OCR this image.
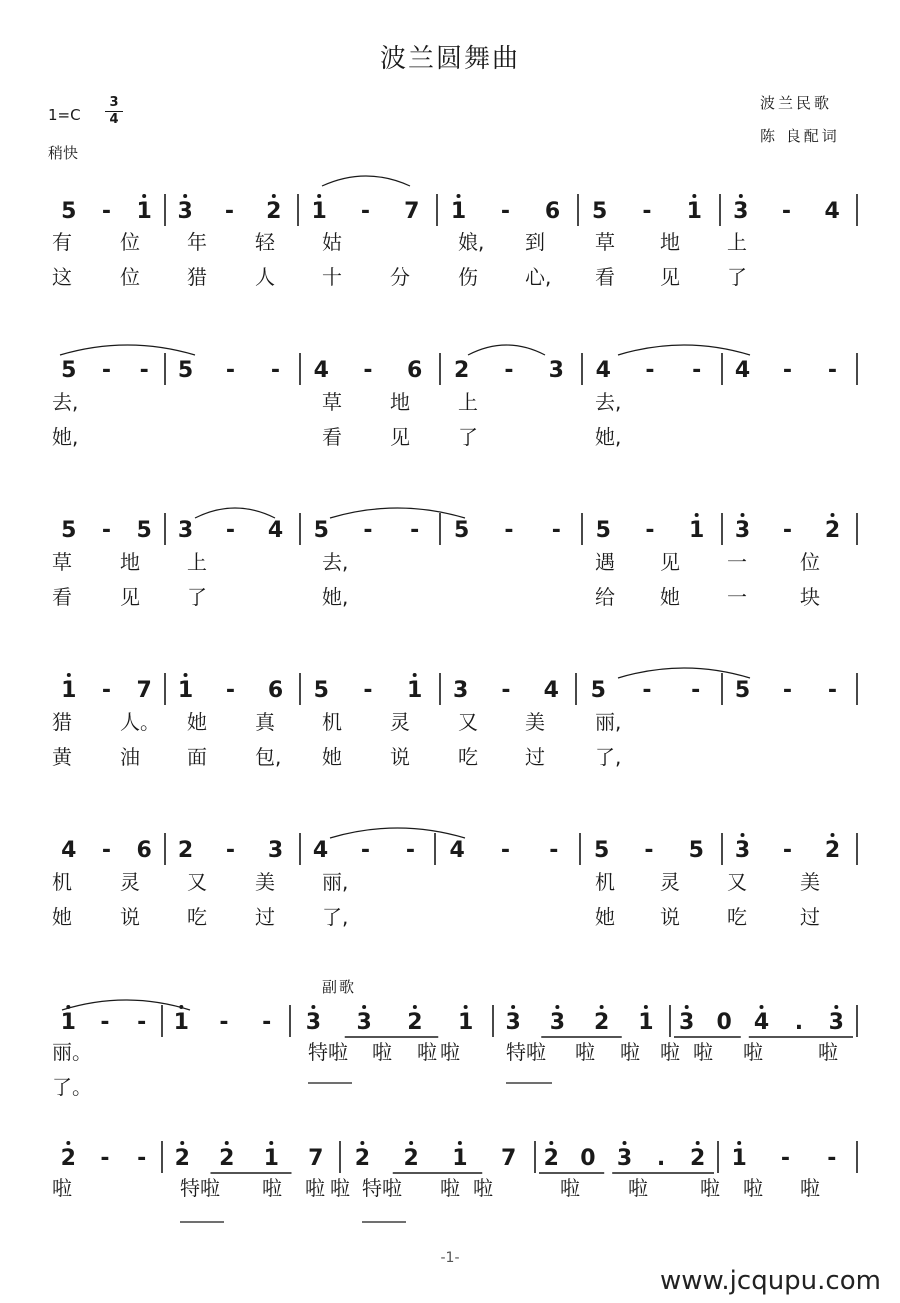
波兰圆舞曲
1=C
3
4
稍快
波兰民歌
陈 良配词
5 - 1 3 - 2 1 - 7 1 - 6 5 - 1 3 - 4
5 - - 5 - - 4 - 6 2 - 3 4 - - 4 - -
5 - 5 3 - 4 5 - - 5 - - 5 - 1 3 - 2
1 - 7 1 - 6 5 - 1 3 - 4 5 - - 5 - -
4 - 6 2 - 3 4 - - 4 - - 5 - 5 3 - 2
1 - - 1 - - 3 3 2 1 3 3 2 1 3 0 4 . 3
2 - - 2 2 1 7 2 2 1 7 2 0 3 . 2 1 - -
有 位 年 轻 姑	娘, 到	草 地 上
这 位 猎 人 十 分 伤 心, 看 见 了
去,	草 地 上	去,
她,	看 见 了	她,
草 地 上	去,	遇 见 一	位
看 见 了	她,	给 她 一	块
猎 人。 她 真 机 灵 又 美	丽,
黄 油 面 包, 她 说 吃 过	了,
机 灵 又 美 丽,	机 灵 又	美
她 说 吃 过 了,	她 说 吃	过
丽。	特啦 啦 啦 啦 特啦 啦 啦 啦 啦 啦	啦
了。
啦	特啦 啦 啦 啦 特啦 啦 啦	啦 啦	啦 啦 啦
副歌
-1-
www.jcqupu.com
